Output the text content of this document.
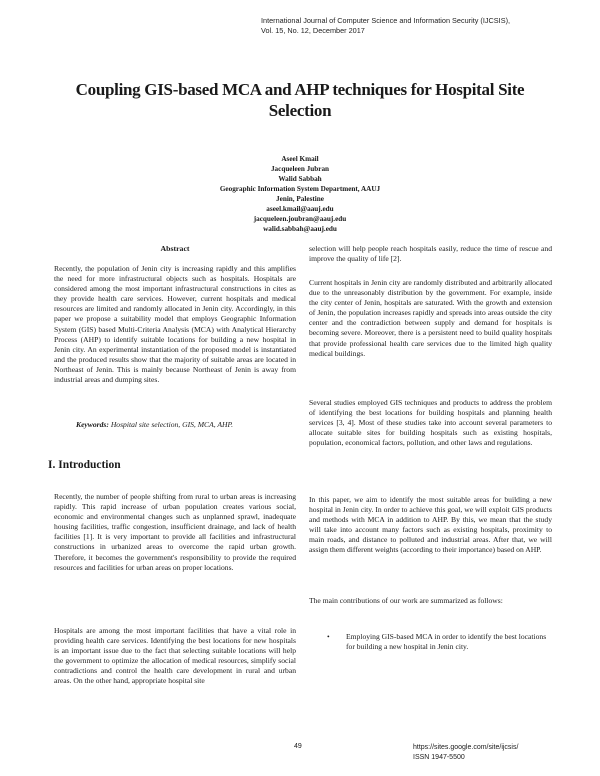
International Journal of Computer Science and Information Security (IJCSIS),
Vol. 15, No. 12, December 2017
Coupling GIS-based MCA and AHP techniques for Hospital Site
Selection
Aseel Kmail
Jacqueleen Jubran
Walid Sabbah
Geographic Information System Department, AAUJ
Jenin, Palestine
aseel.kmail@aauj.edu
jacqueleen.joubran@aauj.edu
walid.sabbah@aauj.edu
Abstract

Recently, the population of Jenin city is increasing rapidly and this amplifies the need for more infrastructural objects such as hospitals. Hospitals are considered among the most important infrastructural constructions in cites as they provide health care services. However, current hospitals and medical resources are limited and randomly allocated in Jenin city. Accordingly, in this paper we propose a suitability model that employs Geographic Information System (GIS) based Multi-Criteria Analysis (MCA) with Analytical Hierarchy Process (AHP) to identify suitable locations for building a new hospital in Jenin city. An experimental instantiation of the proposed model is instantiated and the produced results show that the majority of suitable areas are located in Northeast of Jenin. This is mainly because Northeast of Jenin is away from industrial areas and dumping sites.

Keywords: Hospital site selection, GIS, MCA, AHP.
I. Introduction

Recently, the number of people shifting from rural to urban areas is increasing rapidly. This rapid increase of urban population creates various social, economic and environmental changes such as unplanned sprawl, inadequate housing facilities, traffic congestion, insufficient drainage, and lack of health facilities [1]. It is very important to provide all facilities and infrastructural constructions in urbanized areas to overcome the rapid urban growth. Therefore, it becomes the government's responsibility to provide the required resources and facilities for urban areas on proper locations.

Hospitals are among the most important facilities that have a vital role in providing health care services. Identifying the best locations for new hospitals is an important issue due to the fact that selecting suitable locations will help the government to optimize the allocation of medical resources, simplify social contradictions and control the health care development in rural and urban areas. On the other hand, appropriate hospital site

selection will help people reach hospitals easily, reduce the time of rescue and improve the quality of life [2].

Current hospitals in Jenin city are randomly distributed and arbitrarily allocated due to the unreasonably distribution by the government. For example, inside the city center of Jenin, hospitals are saturated. With the growth and extension of Jenin, the population increases rapidly and spreads into areas outside the city center and the contradiction between supply and demand for hospitals is becoming severe. Moreover, there is a persistent need to build quality hospitals that provide professional health care services due to the limited high quality medical buildings.

Several studies employed GIS techniques and products to address the problem of identifying the best locations for building hospitals and planning health services [3, 4]. Most of these studies take into account several parameters to allocate suitable sites for building hospitals such as existing hospitals, population, economical factors, pollution, and other laws and regulations.

In this paper, we aim to identify the most suitable areas for building a new hospital in Jenin city. In order to achieve this goal, we will exploit GIS products and methods with MCA in addition to AHP. By this, we mean that the study will take into account many factors such as existing hospitals, proximity to main roads, and distance to polluted and industrial areas. After that, we will assign them different weights (according to their importance) based on AHP.

The main contributions of our work are summarized as follows:

• Employing GIS-based MCA in order to identify the best locations for building a new hospital in Jenin city.
49	https://sites.google.com/site/ijcsis/
ISSN 1947-5500
